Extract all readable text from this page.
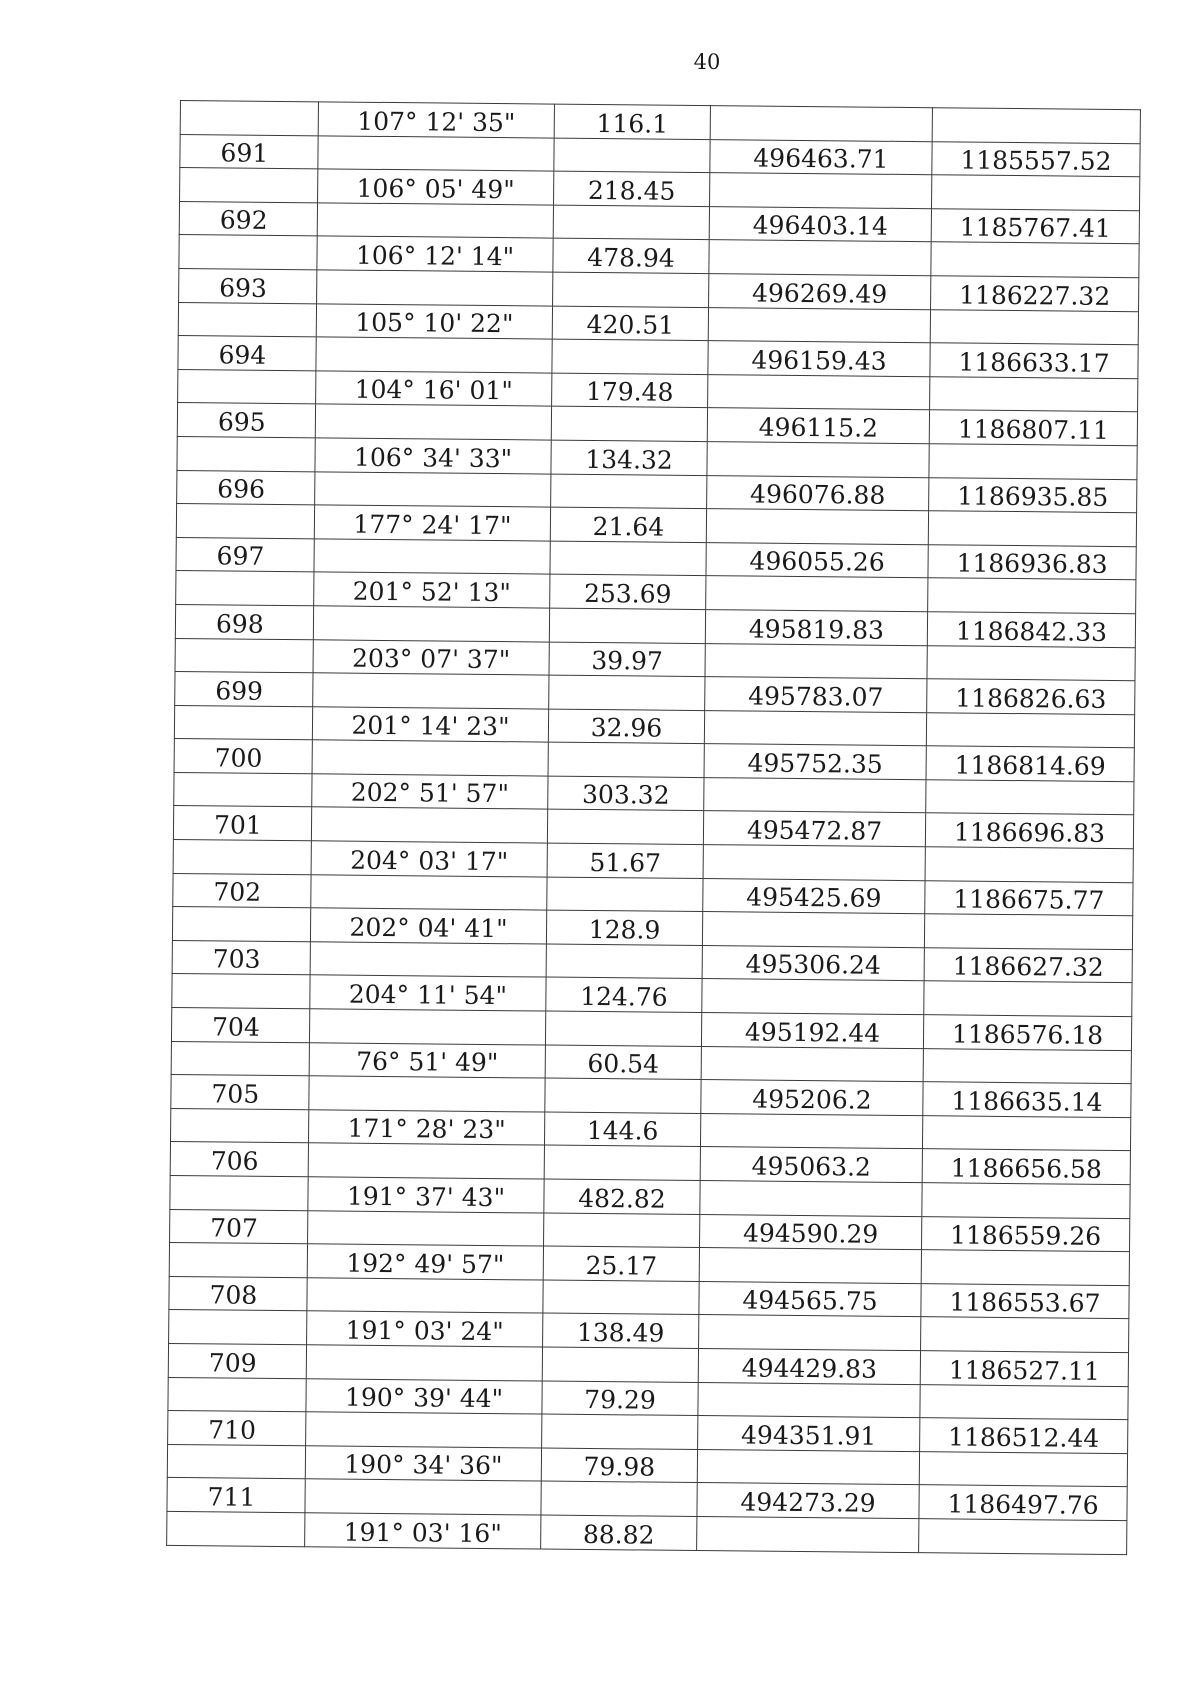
40
	107° 12' 35"	116.1		
691			496463.71	1185557.52
	106° 05' 49"	218.45		
692			496403.14	1185767.41
	106° 12' 14"	478.94		
693			496269.49	1186227.32
	105° 10' 22"	420.51		
694			496159.43	1186633.17
	104° 16' 01"	179.48		
695			496115.2	1186807.11
	106° 34' 33"	134.32		
696			496076.88	1186935.85
	177° 24' 17"	21.64		
697			496055.26	1186936.83
	201° 52' 13"	253.69		
698			495819.83	1186842.33
	203° 07' 37"	39.97		
699			495783.07	1186826.63
	201° 14' 23"	32.96		
700			495752.35	1186814.69
	202° 51' 57"	303.32		
701			495472.87	1186696.83
	204° 03' 17"	51.67		
702			495425.69	1186675.77
	202° 04' 41"	128.9		
703			495306.24	1186627.32
	204° 11' 54"	124.76		
704			495192.44	1186576.18
	76° 51' 49"	60.54		
705			495206.2	1186635.14
	171° 28' 23"	144.6		
706			495063.2	1186656.58
	191° 37' 43"	482.82		
707			494590.29	1186559.26
	192° 49' 57"	25.17		
708			494565.75	1186553.67
	191° 03' 24"	138.49		
709			494429.83	1186527.11
	190° 39' 44"	79.29		
710			494351.91	1186512.44
	190° 34' 36"	79.98		
711			494273.29	1186497.76
	191° 03' 16"	88.82		
